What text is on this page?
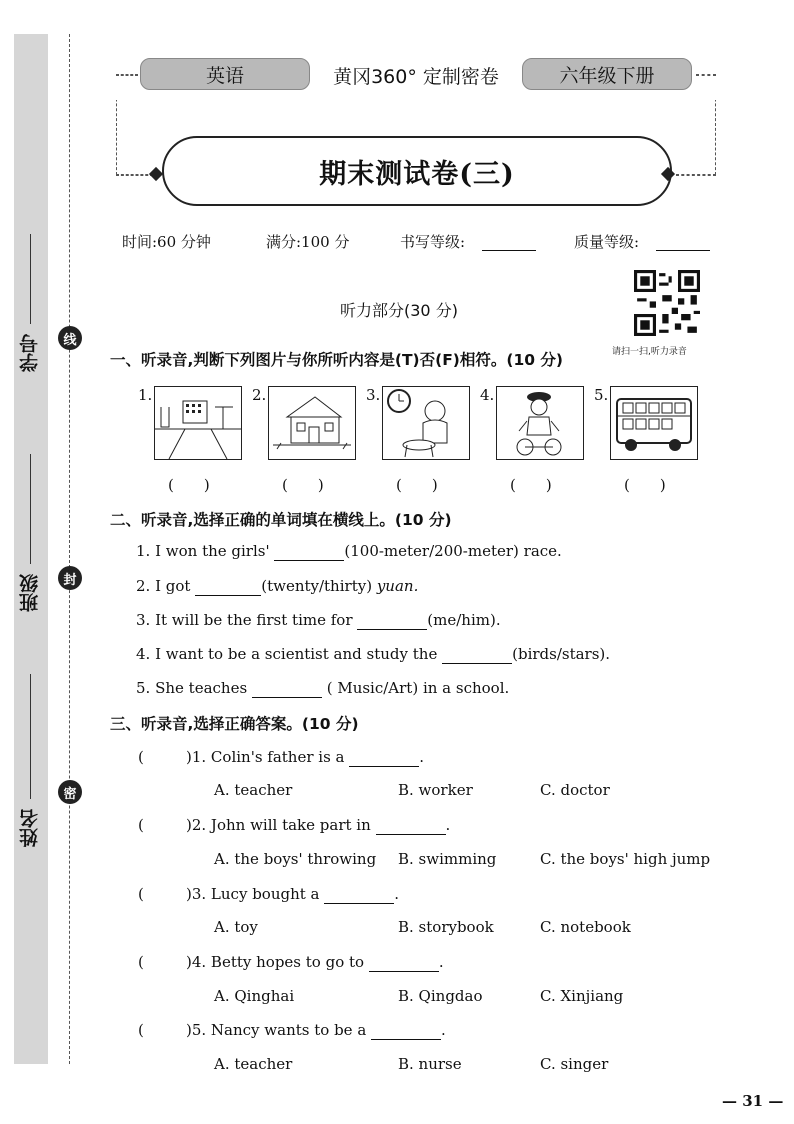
学号
班级
姓名
线
封
密
英语	黄冈360° 定制密卷	六年级下册
期末测试卷(三)
时间:60 分钟	满分:100 分	书写等级:	质量等级:
听力部分(30 分)
请扫一扫,听力录音
一、听录音,判断下列图片与你所听内容是(T)否(F)相符。(10 分)
1.	2.	3.	4.	5.
(　　)	(　　)	(　　)	(　　)	(　　)
二、听录音,选择正确的单词填在横线上。(10 分)
1. I won the girls'	(100-meter/200-meter) race.
2. I got	(twenty/thirty) yuan.
3. It will be the first time for	(me/him).
4. I want to be a scientist and study the	(birds/stars).
5. She teaches	( Music/Art) in a school.
三、听录音,选择正确答案。(10 分)
(	)1. Colin's father is a	.
A. teacher	B. worker	C. doctor
(	)2. John will take part in	.
A. the boys' throwing B. swimming	C. the boys' high jump
(	)3. Lucy bought a	.
A. toy	B. storybook	C. notebook
(	)4. Betty hopes to go to	.
A. Qinghai	B. Qingdao	C. Xinjiang
(	)5. Nancy wants to be a	.
A. teacher	B. nurse	C. singer
— 31 —
